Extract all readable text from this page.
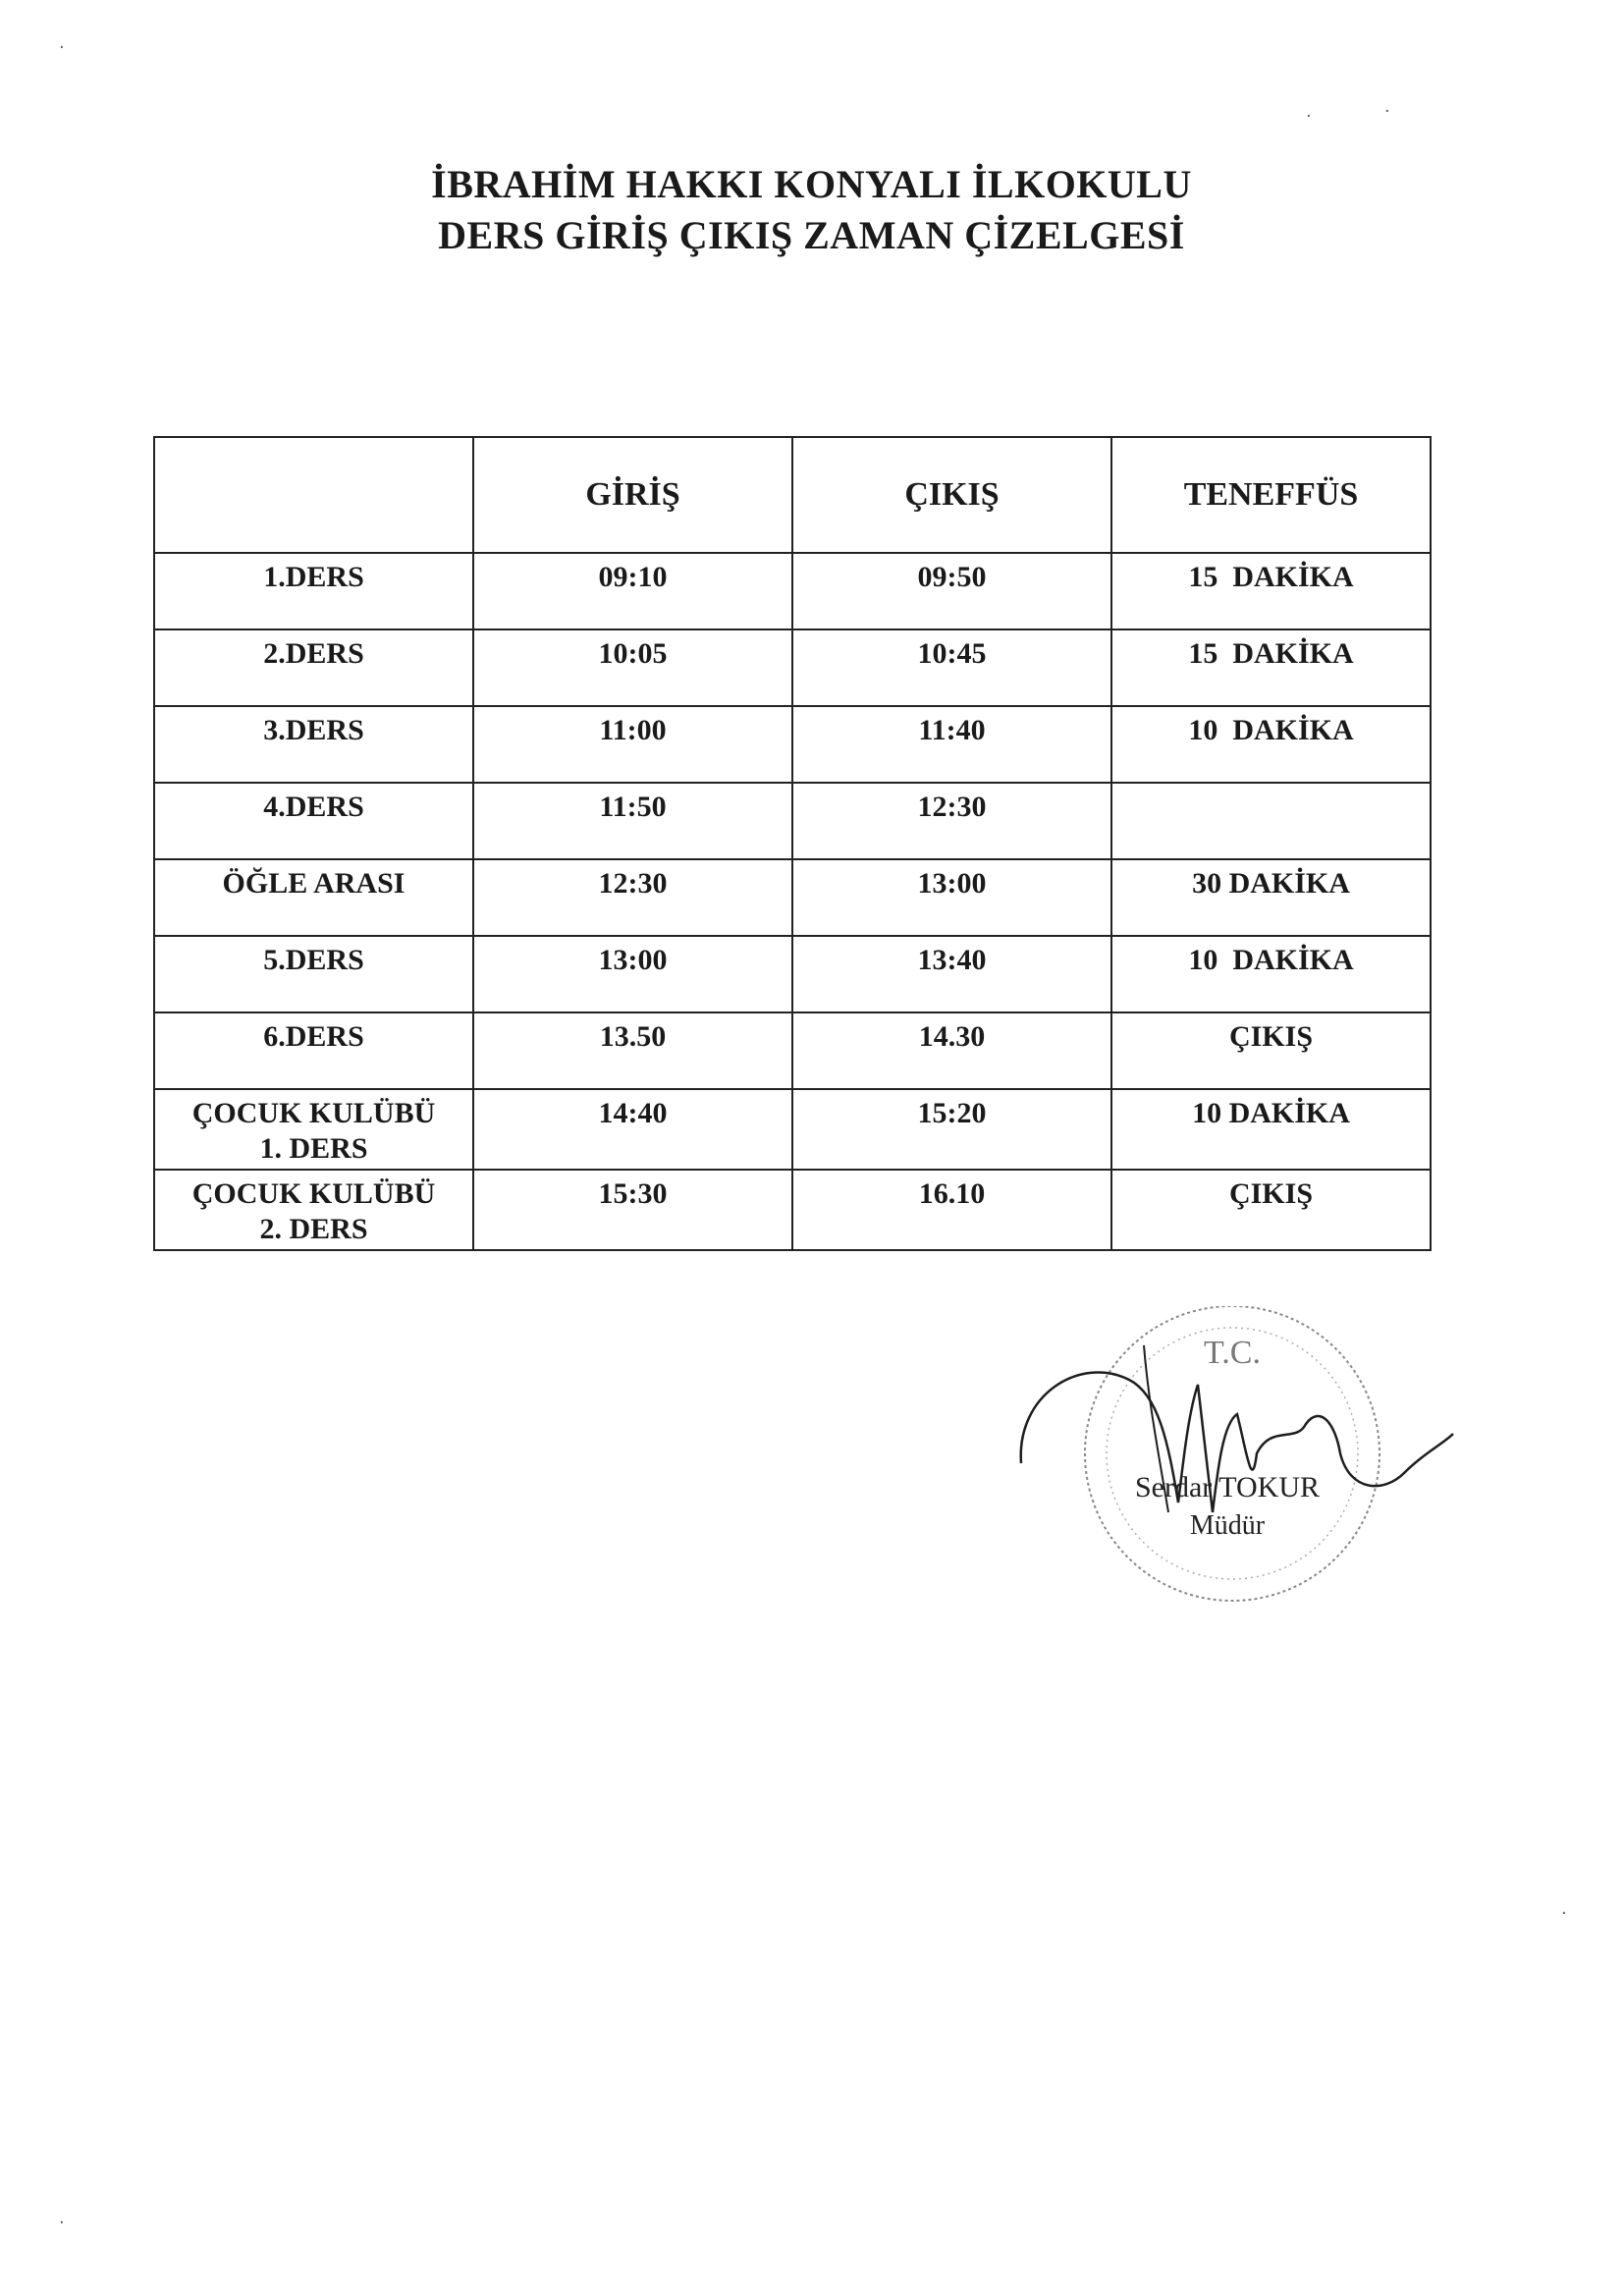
İBRAHİM HAKKI KONYALI İLKOKULU
DERS GİRİŞ ÇIKIŞ ZAMAN ÇİZELGESİ
	GİRİŞ	ÇIKIŞ	TENEFFÜS
1.DERS	09:10	09:50	15  DAKİKA
2.DERS	10:05	10:45	15  DAKİKA
3.DERS	11:00	11:40	10  DAKİKA
4.DERS	11:50	12:30	
ÖĞLE ARASI	12:30	13:00	30 DAKİKA
5.DERS	13:00	13:40	10  DAKİKA
6.DERS	13.50	14.30	ÇIKIŞ

ÇOCUK KULÜBÜ
1. DERS	14:40	15:20	10 DAKİKA

ÇOCUK KULÜBÜ
2. DERS	15:30	16.10	ÇIKIŞ
T.C.
Serdar TOKUR
Müdür
·
·	·
·
·
